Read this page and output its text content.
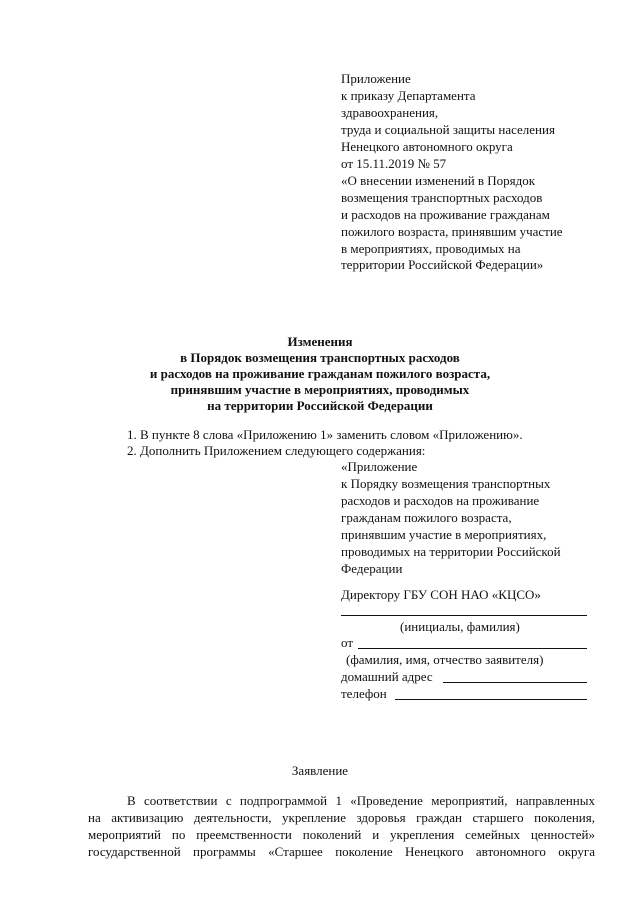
Приложение
к приказу Департамента
здравоохранения,
труда и социальной защиты населения
Ненецкого автономного округа
от 15.11.2019 № 57
«О внесении изменений в Порядок
возмещения транспортных расходов
и расходов на проживание гражданам
пожилого возраста, принявшим участие
в мероприятиях, проводимых на
территории Российской Федерации»
Изменения
в Порядок возмещения транспортных расходов
и расходов на проживание гражданам пожилого возраста,
принявшим участие в мероприятиях, проводимых
на территории Российской Федерации
1. В пункте 8 слова «Приложению 1» заменить словом «Приложению».
2. Дополнить Приложением следующего содержания:
«Приложение
к Порядку возмещения транспортных
расходов и расходов на проживание
гражданам пожилого возраста,
принявшим участие в мероприятиях,
проводимых на территории Российской
Федерации
Директору ГБУ СОН НАО «КЦСО»
(инициалы, фамилия)
от
(фамилия, имя, отчество заявителя)
домашний адрес
телефон
Заявление
В соответствии с подпрограммой 1 «Проведение мероприятий, направленных
на активизацию деятельности, укрепление здоровья граждан старшего поколения,
мероприятий по преемственности поколений и укрепления семейных ценностей»
государственной программы «Старшее поколение Ненецкого автономного округа
